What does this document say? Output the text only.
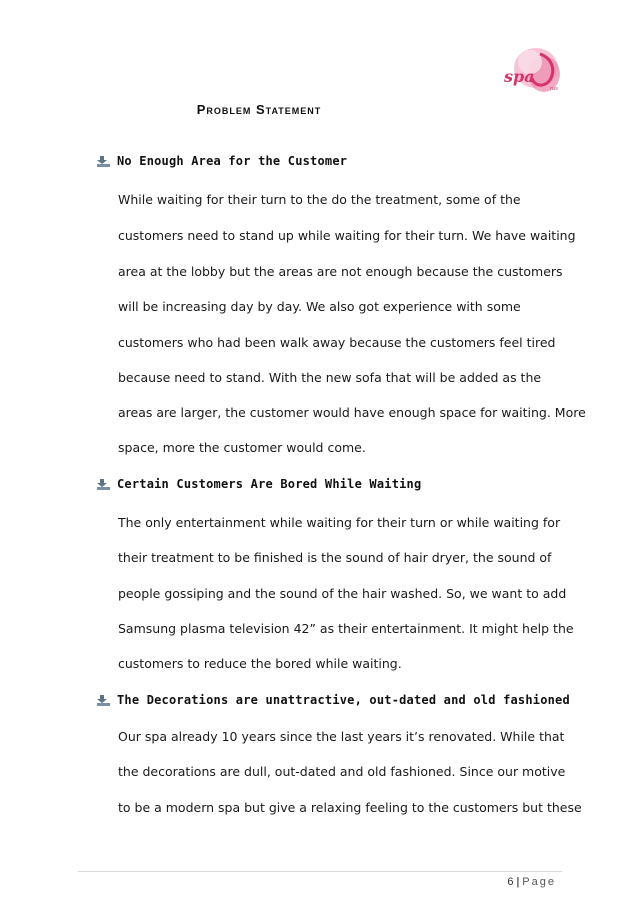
spa
rus
Problem Statement
No Enough Area for the Customer
While waiting for their turn to the do the treatment, some of the
customers need to stand up while waiting for their turn. We have waiting
area at the lobby but the areas are not enough because the customers
will be increasing day by day. We also got experience with some
customers who had been walk away because the customers feel tired
because need to stand. With the new sofa that will be added as the
areas are larger, the customer would have enough space for waiting. More
space, more the customer would come.
Certain Customers Are Bored While Waiting
The only entertainment while waiting for their turn or while waiting for
their treatment to be finished is the sound of hair dryer, the sound of
people gossiping and the sound of the hair washed. So, we want to add
Samsung plasma television 42” as their entertainment. It might help the
customers to reduce the bored while waiting.
The Decorations are unattractive, out-dated and old fashioned
Our spa already 10 years since the last years it’s renovated. While that
the decorations are dull, out-dated and old fashioned. Since our motive
to be a modern spa but give a relaxing feeling to the customers but these
6 | Page
